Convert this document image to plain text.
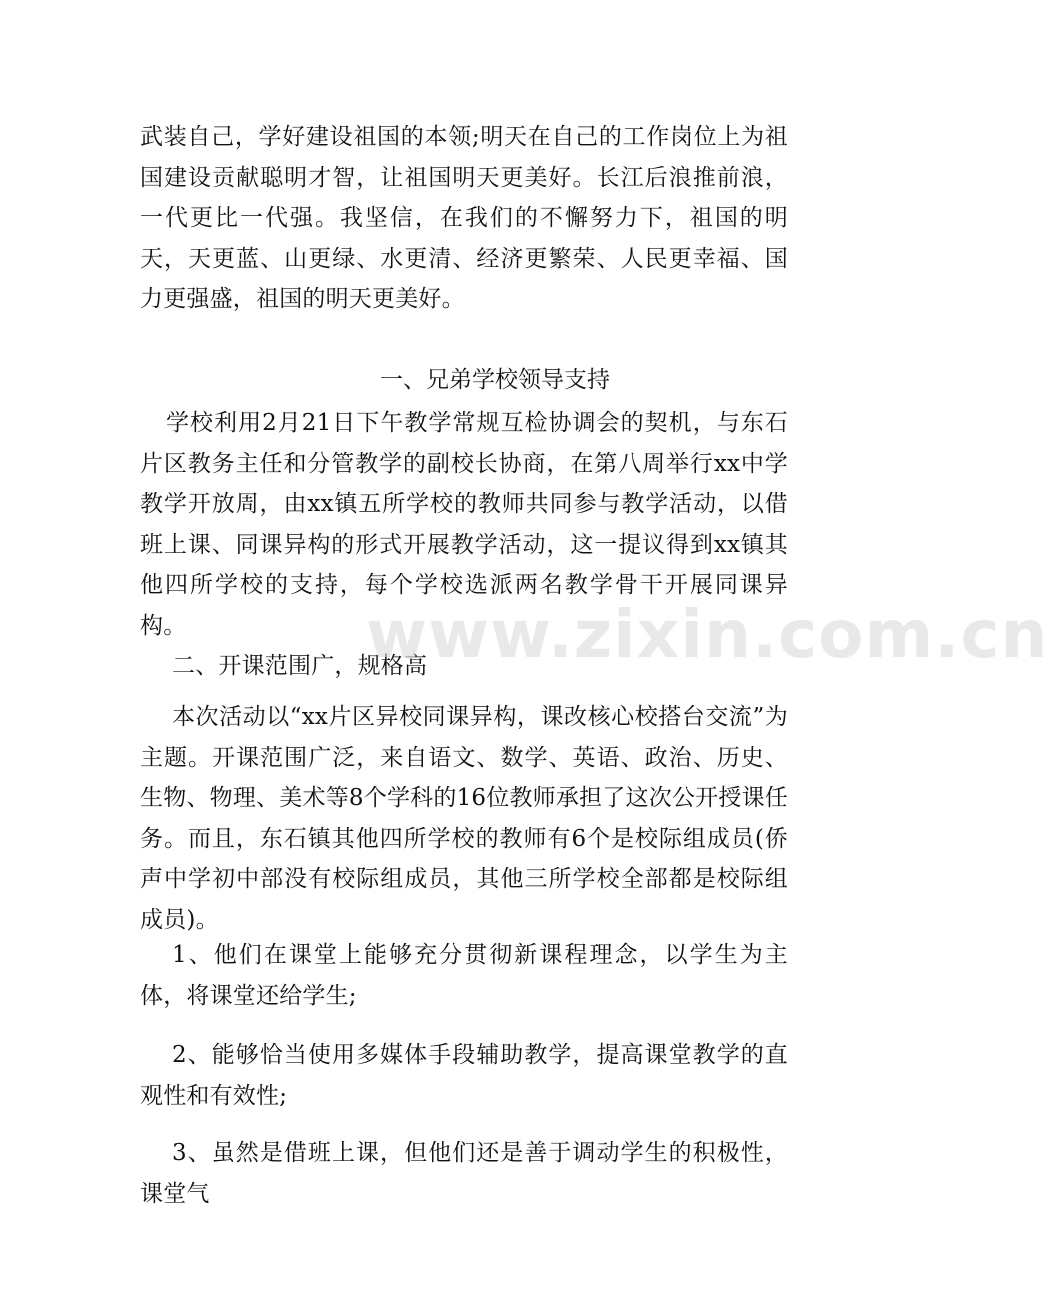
武装自己，学好建设祖国的本领;明天在自己的工作岗位上为祖国建设贡献聪明才智，让祖国明天更美好。长江后浪推前浪，一代更比一代强。我坚信，在我们的不懈努力下，祖国的明天，天更蓝、山更绿、水更清、经济更繁荣、人民更幸福、国力更强盛，祖国的明天更美好。

一、兄弟学校领导支持

学校利用2月21日下午教学常规互检协调会的契机，与东石片区教务主任和分管教学的副校长协商，在第八周举行xx中学教学开放周，由xx镇五所学校的教师共同参与教学活动，以借班上课、同课异构的形式开展教学活动，这一提议得到xx镇其他四所学校的支持，每个学校选派两名教学骨干开展同课异构。

二、开课范围广，规格高

本次活动以“xx片区异校同课异构，课改核心校搭台交流”为主题。开课范围广泛，来自语文、数学、英语、政治、历史、生物、物理、美术等8个学科的16位教师承担了这次公开授课任务。而且，东石镇其他四所学校的教师有6个是校际组成员(侨声中学初中部没有校际组成员，其他三所学校全部都是校际组成员)。

1、他们在课堂上能够充分贯彻新课程理念，以学生为主体，将课堂还给学生;

2、能够恰当使用多媒体手段辅助教学，提高课堂教学的直观性和有效性;

3、虽然是借班上课，但他们还是善于调动学生的积极性，课堂气

www.zixin.com.cn
